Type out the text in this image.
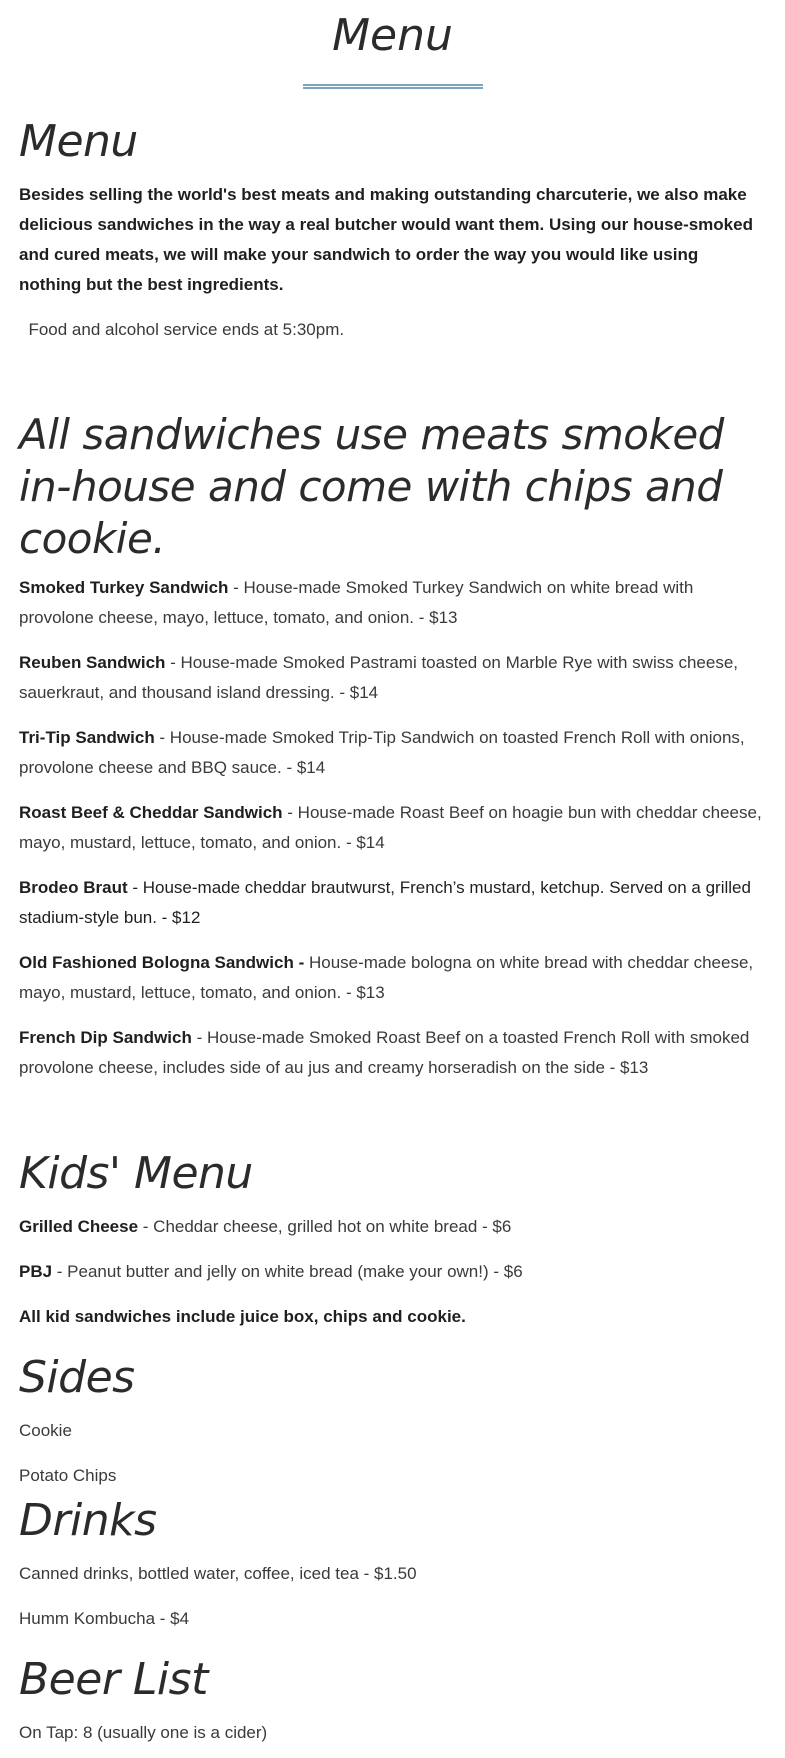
Menu
Menu

Besides selling the world's best meats and making outstanding charcuterie, we also make delicious sandwiches in the way a real butcher would want them. Using our house-smoked and cured meats, we will make your sandwich to order the way you would like using nothing but the best ingredients.

Food and alcohol service ends at 5:30pm.

All sandwiches use meats smoked in-house and come with chips and cookie.

Smoked Turkey Sandwich - House-made Smoked Turkey Sandwich on white bread with provolone cheese, mayo, lettuce, tomato, and onion. - $13

Reuben Sandwich - House-made Smoked Pastrami toasted on Marble Rye with swiss cheese, sauerkraut, and thousand island dressing. - $14

Tri-Tip Sandwich - House-made Smoked Trip-Tip Sandwich on toasted French Roll with onions, provolone cheese and BBQ sauce. - $14

Roast Beef & Cheddar Sandwich - House-made Roast Beef on hoagie bun with cheddar cheese, mayo, mustard, lettuce, tomato, and onion. - $14

Brodeo Braut - House-made cheddar brautwurst, French’s mustard, ketchup. Served on a grilled stadium-style bun. - $12

Old Fashioned Bologna Sandwich - House-made bologna on white bread with cheddar cheese, mayo, mustard, lettuce, tomato, and onion. - $13

French Dip Sandwich - House-made Smoked Roast Beef on a toasted French Roll with smoked provolone cheese, includes side of au jus and creamy horseradish on the side - $13

Kids' Menu

Grilled Cheese - Cheddar cheese, grilled hot on white bread - $6

PBJ - Peanut butter and jelly on white bread (make your own!) - $6

All kid sandwiches include juice box, chips and cookie.

Sides

Cookie

Potato Chips

Drinks

Canned drinks, bottled water, coffee, iced tea - $1.50

Humm Kombucha - $4

Beer List

On Tap: 8 (usually one is a cider)
